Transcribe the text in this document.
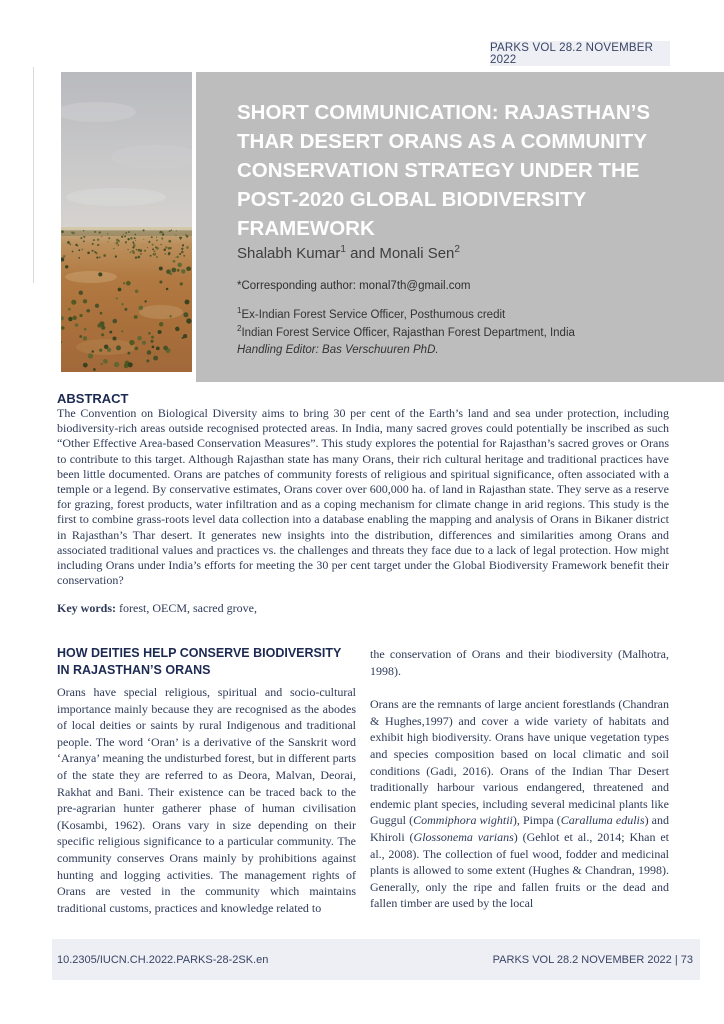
PARKS VOL 28.2 NOVEMBER 2022
SHORT COMMUNICATION: RAJASTHAN’S
THAR DESERT ORANS AS A COMMUNITY
CONSERVATION STRATEGY UNDER THE
POST-2020 GLOBAL BIODIVERSITY
FRAMEWORK
Shalabh Kumar$^1$ and Monali Sen$^2$
*Corresponding author: monal7th@gmail.com
$^1$Ex-Indian Forest Service Officer, Posthumous credit
$^2$Indian Forest Service Officer, Rajasthan Forest Department, India
Handling Editor: Bas Verschuuren PhD.
ABSTRACT
The Convention on Biological Diversity aims to bring 30 per cent of the Earth’s land and sea under protection, including biodiversity-rich areas outside recognised protected areas. In India, many sacred groves could potentially be inscribed as such “Other Effective Area-based Conservation Measures”. This study explores the potential for Rajasthan’s sacred groves or Orans to contribute to this target. Although Rajasthan state has many Orans, their rich cultural heritage and traditional practices have been little documented. Orans are patches of community forests of religious and spiritual significance, often associated with a temple or a legend. By conservative estimates, Orans cover over 600,000 ha. of land in Rajasthan state. They serve as a reserve for grazing, forest products, water infiltration and as a coping mechanism for climate change in arid regions. This study is the first to combine grass-roots level data collection into a database enabling the mapping and analysis of Orans in Bikaner district in Rajasthan’s Thar desert. It generates new insights into the distribution, differences and similarities among Orans and associated traditional values and practices vs. the challenges and threats they face due to a lack of legal protection. How might including Orans under India’s efforts for meeting the 30 per cent target under the Global Biodiversity Framework benefit their conservation?
Key words: forest, OECM, sacred grove,
HOW DEITIES HELP CONSERVE BIODIVERSITY
IN RAJASTHAN’S ORANS
Orans have special religious, spiritual and socio-cultural importance mainly because they are recognised as the abodes of local deities or saints by rural Indigenous and traditional people. The word ‘Oran’ is a derivative of the Sanskrit word ‘Aranya’ meaning the undisturbed forest, but in different parts of the state they are referred to as Deora, Malvan, Deorai, Rakhat and Bani. Their existence can be traced back to the pre-agrarian hunter gatherer phase of human civilisation (Kosambi, 1962). Orans vary in size depending on their specific religious significance to a particular community. The community conserves Orans mainly by prohibitions against hunting and logging activities. The management rights of Orans are vested in the community which maintains traditional customs, practices and knowledge related to
the conservation of Orans and their biodiversity (Malhotra, 1998).
Orans are the remnants of large ancient forestlands (Chandran & Hughes,1997) and cover a wide variety of habitats and exhibit high biodiversity. Orans have unique vegetation types and species composition based on local climatic and soil conditions (Gadi, 2016). Orans of the Indian Thar Desert traditionally harbour various endangered, threatened and endemic plant species, including several medicinal plants like Guggul (Commiphora wightii), Pimpa (Caralluma edulis) and Khiroli (Glossonema varians) (Gehlot et al., 2014; Khan et al., 2008). The collection of fuel wood, fodder and medicinal plants is allowed to some extent (Hughes & Chandran, 1998). Generally, only the ripe and fallen fruits or the dead and fallen timber are used by the local
10.2305/IUCN.CH.2022.PARKS-28-2SK.en	PARKS VOL 28.2 NOVEMBER 2022 | 73
